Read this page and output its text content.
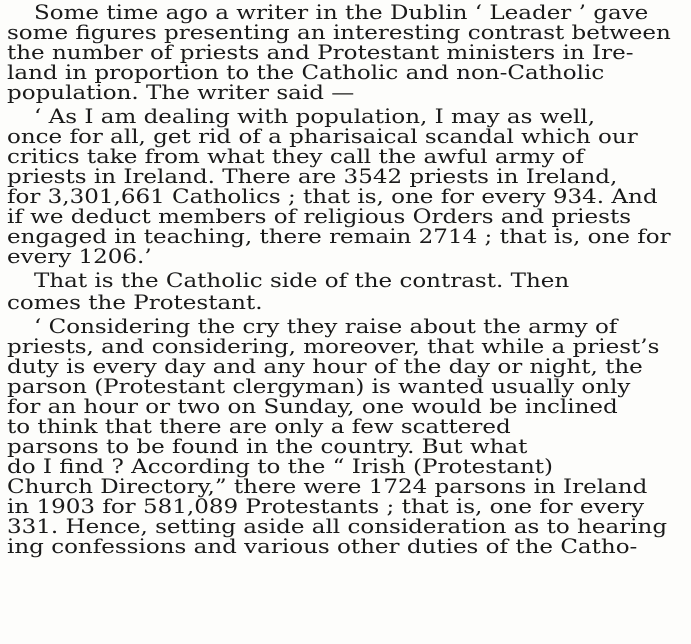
Some time ago a writer in the Dublin ‘ Leader ’ gave
some figures presenting an interesting contrast between
the number of priests and Protestant ministers in Ire-
land in proportion to the Catholic and non-Catholic
population. The writer said —
‘ As I am dealing with population, I may as well,
once for all, get rid of a pharisaical scandal which our
critics take from what they call the awful army of
priests in Ireland. There are 3542 priests in Ireland,
for 3,301,661 Catholics ; that is, one for every 934. And
if we deduct members of religious Orders and priests
engaged in teaching, there remain 2714 ; that is, one for
every 1206.’
That is the Catholic side of the contrast. Then
comes the Protestant.
‘ Considering the cry they raise about the army of
priests, and considering, moreover, that while a priest’s
duty is every day and any hour of the day or night, the
parson (Protestant clergyman) is wanted usually only
for an hour or two on Sunday, one would be inclined
to think that there are only a few scattered
parsons to be found in the country. But what
do I find ? According to the “ Irish (Protestant)
Church Directory,” there were 1724 parsons in Ireland
in 1903 for 581,089 Protestants ; that is, one for every
331. Hence, setting aside all consideration as to hearing
ing confessions and various other duties of the Catho-
